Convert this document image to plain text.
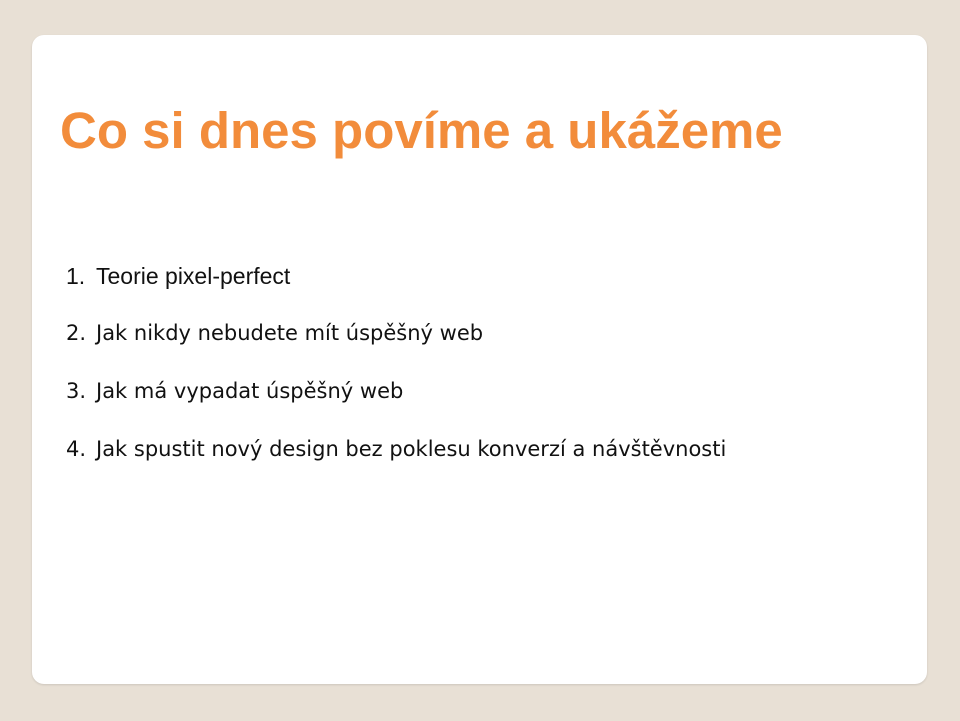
Co si dnes povíme a ukážeme
1. Teorie pixel-perfect
2. Jak nikdy nebudete mít úspěšný web
3. Jak má vypadat úspěšný web
4. Jak spustit nový design bez poklesu konverzí a návštěvnosti
